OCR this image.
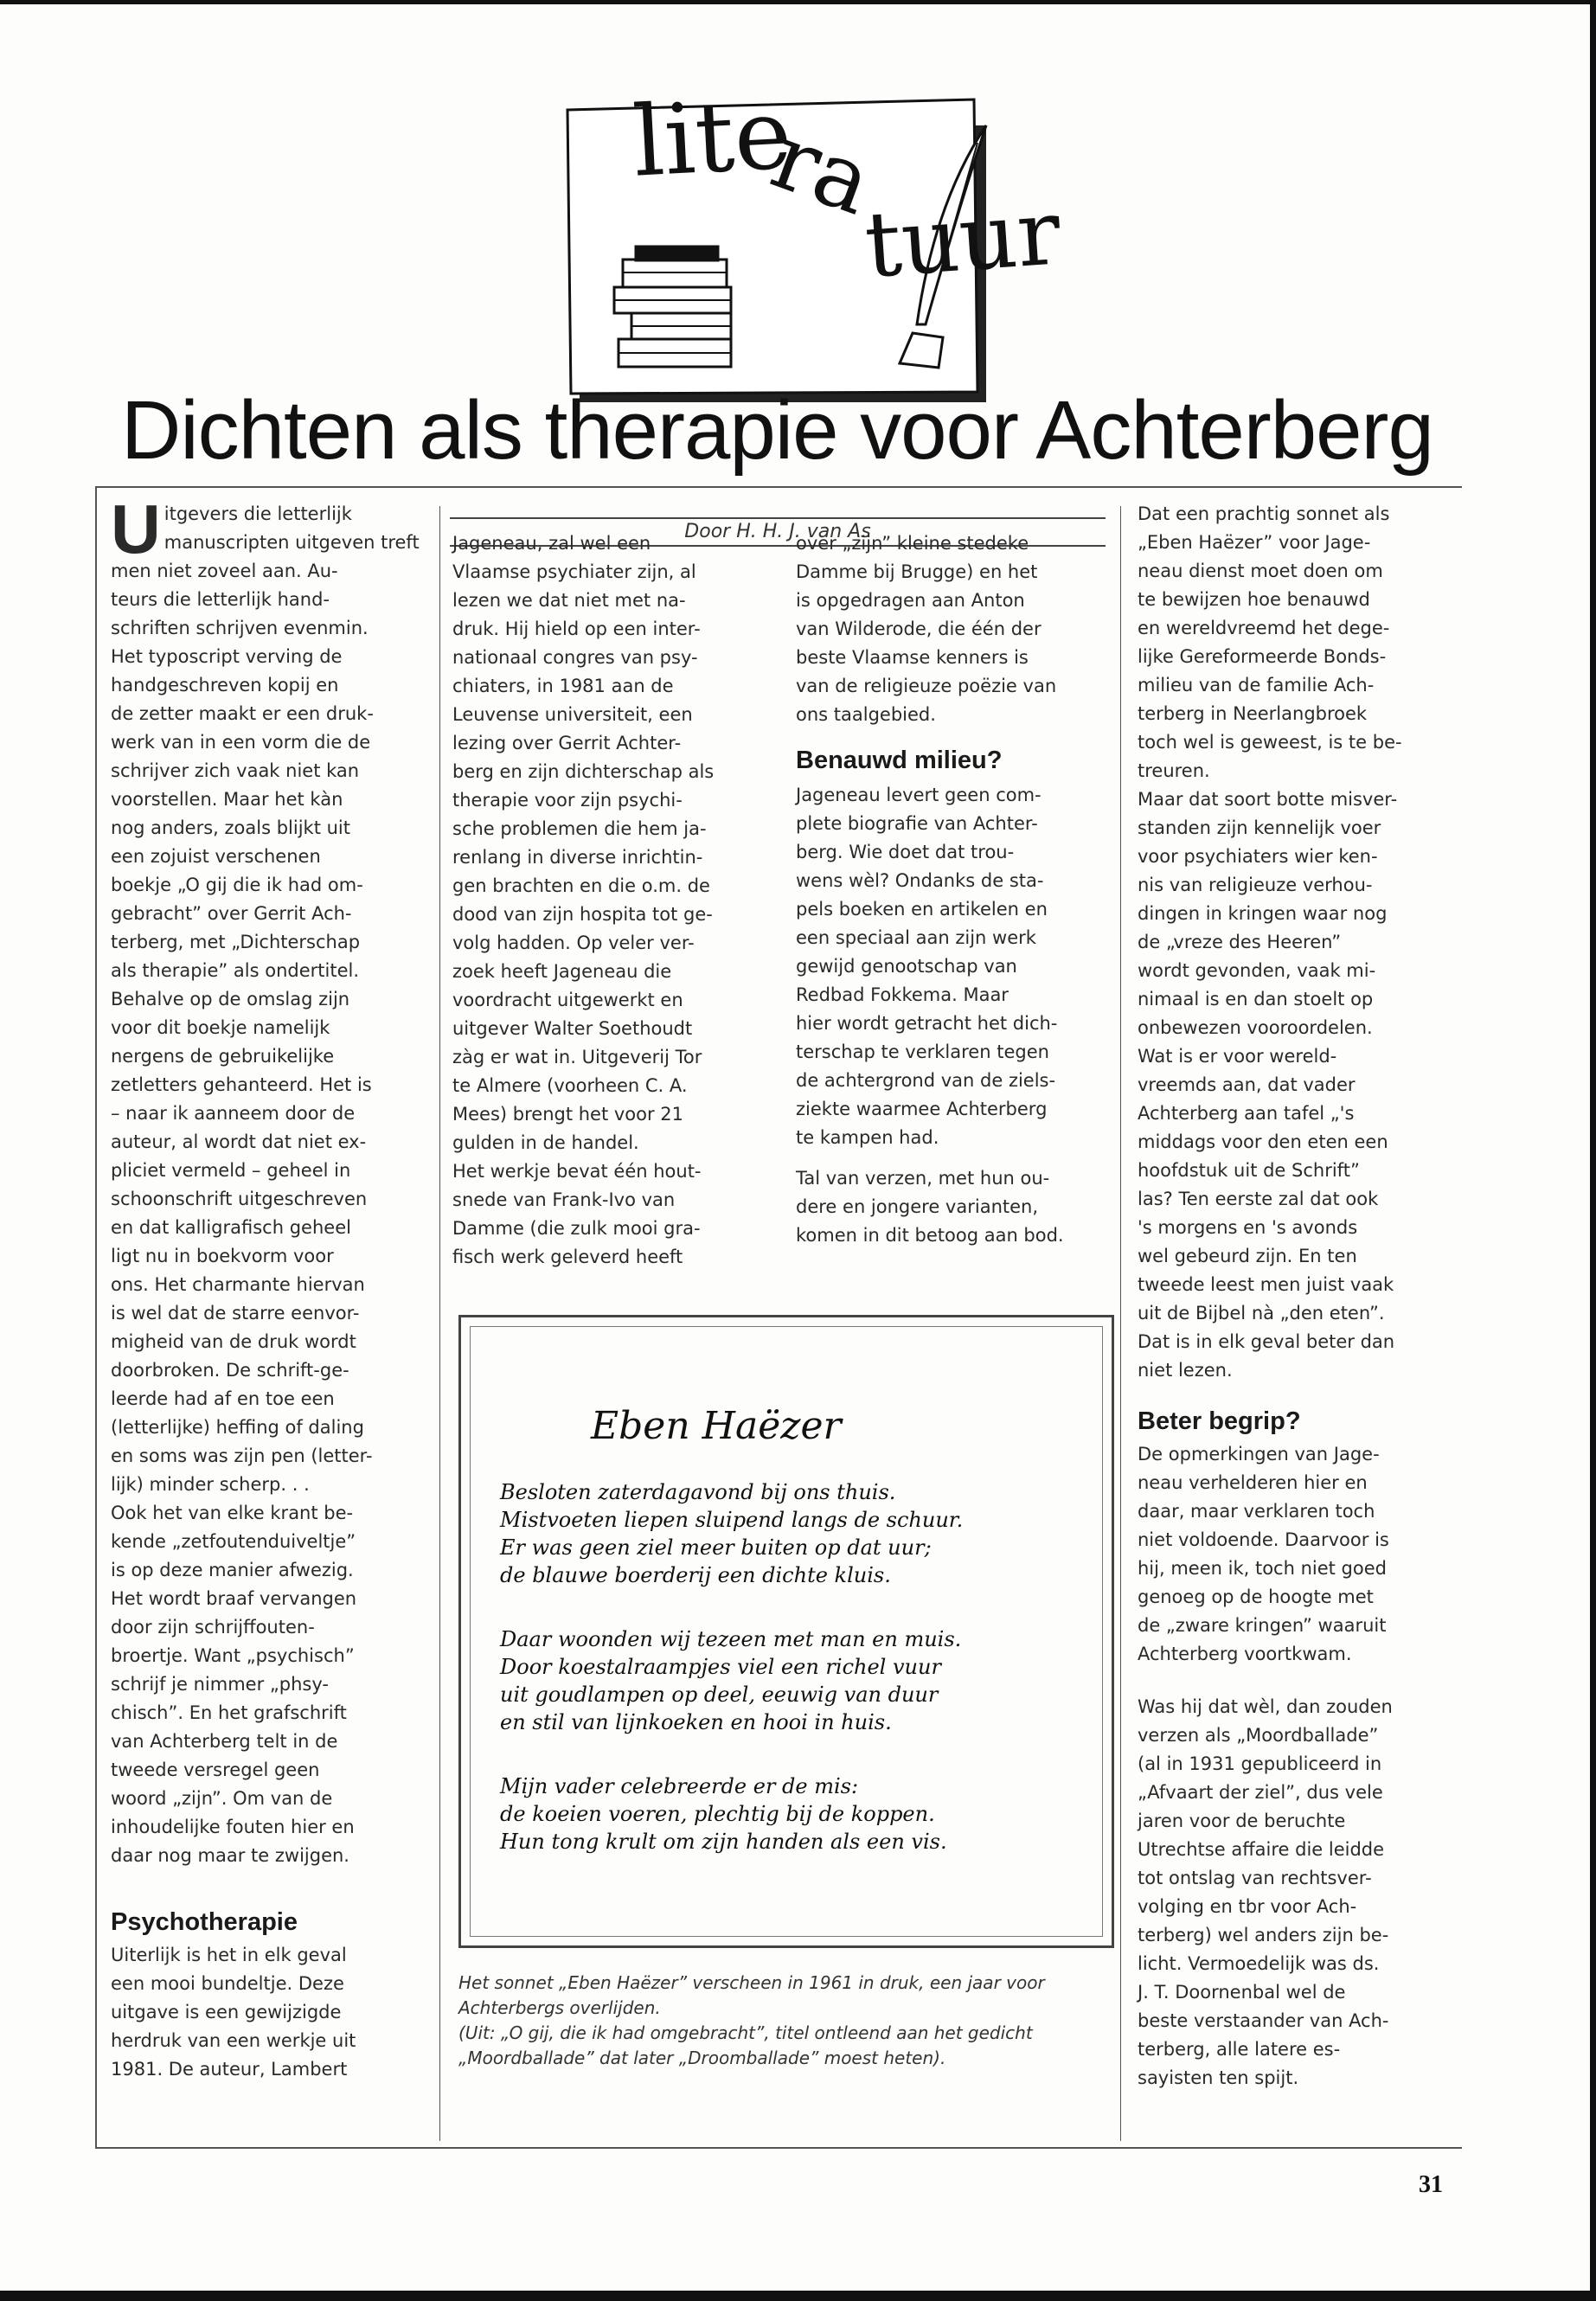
lite
ra
tuur
Dichten als therapie voor Achterberg
Door H. H. J. van As
U itgevers die letterlijk
manuscripten uitgeven treft
men niet zoveel aan. Au-
teurs die letterlijk hand-
schriften schrijven evenmin.
Het typoscript verving de
handgeschreven kopij en
de zetter maakt er een druk-
werk van in een vorm die de
schrijver zich vaak niet kan
voorstellen. Maar het kàn
nog anders, zoals blijkt uit
een zojuist verschenen
boekje „O gij die ik had om-
gebracht” over Gerrit Ach-
terberg, met „Dichterschap
als therapie” als ondertitel.
Behalve op de omslag zijn
voor dit boekje namelijk
nergens de gebruikelijke
zetletters gehanteerd. Het is
– naar ik aanneem door de
auteur, al wordt dat niet ex-
pliciet vermeld – geheel in
schoonschrift uitgeschreven
en dat kalligrafisch geheel
ligt nu in boekvorm voor
ons. Het charmante hiervan
is wel dat de starre eenvor-
migheid van de druk wordt
doorbroken. De schrift-ge-
leerde had af en toe een
(letterlijke) heffing of daling
en soms was zijn pen (letter-
lijk) minder scherp. . .
Ook het van elke krant be-
kende „zetfoutenduiveltje”
is op deze manier afwezig.
Het wordt braaf vervangen
door zijn schrijffouten-
broertje. Want „psychisch”
schrijf je nimmer „phsy-
chisch”. En het grafschrift
van Achterberg telt in de
tweede versregel geen
woord „zijn”. Om van de
inhoudelijke fouten hier en
daar nog maar te zwijgen.

Psychotherapie

Uiterlijk is het in elk geval
een mooi bundeltje. Deze
uitgave is een gewijzigde
herdruk van een werkje uit
1981. De auteur, Lambert

Jageneau, zal wel een
Vlaamse psychiater zijn, al
lezen we dat niet met na-
druk. Hij hield op een inter-
nationaal congres van psy-
chiaters, in 1981 aan de
Leuvense universiteit, een
lezing over Gerrit Achter-
berg en zijn dichterschap als
therapie voor zijn psychi-
sche problemen die hem ja-
renlang in diverse inrichtin-
gen brachten en die o.m. de
dood van zijn hospita tot ge-
volg hadden. Op veler ver-
zoek heeft Jageneau die
voordracht uitgewerkt en
uitgever Walter Soethoudt
zàg er wat in. Uitgeverij Tor
te Almere (voorheen C. A.
Mees) brengt het voor 21
gulden in de handel.
Het werkje bevat één hout-
snede van Frank-Ivo van
Damme (die zulk mooi gra-
fisch werk geleverd heeft

over „zijn” kleine stedeke
Damme bij Brugge) en het
is opgedragen aan Anton
van Wilderode, die één der
beste Vlaamse kenners is
van de religieuze poëzie van
ons taalgebied.

Benauwd milieu?

Jageneau levert geen com-
plete biografie van Achter-
berg. Wie doet dat trou-
wens wèl? Ondanks de sta-
pels boeken en artikelen en
een speciaal aan zijn werk
gewijd genootschap van
Redbad Fokkema. Maar
hier wordt getracht het dich-
terschap te verklaren tegen
de achtergrond van de ziels-
ziekte waarmee Achterberg
te kampen had.

Tal van verzen, met hun ou-
dere en jongere varianten,
komen in dit betoog aan bod.

Dat een prachtig sonnet als
„Eben Haëzer” voor Jage-
neau dienst moet doen om
te bewijzen hoe benauwd
en wereldvreemd het dege-
lijke Gereformeerde Bonds-
milieu van de familie Ach-
terberg in Neerlangbroek
toch wel is geweest, is te be-
treuren.
Maar dat soort botte misver-
standen zijn kennelijk voer
voor psychiaters wier ken-
nis van religieuze verhou-
dingen in kringen waar nog
de „vreze des Heeren”
wordt gevonden, vaak mi-
nimaal is en dan stoelt op
onbewezen vooroordelen.
Wat is er voor wereld-
vreemds aan, dat vader
Achterberg aan tafel „'s
middags voor den eten een
hoofdstuk uit de Schrift”
las? Ten eerste zal dat ook
's morgens en 's avonds
wel gebeurd zijn. En ten
tweede leest men juist vaak
uit de Bijbel nà „den eten”.
Dat is in elk geval beter dan
niet lezen.

Beter begrip?

De opmerkingen van Jage-
neau verhelderen hier en
daar, maar verklaren toch
niet voldoende. Daarvoor is
hij, meen ik, toch niet goed
genoeg op de hoogte met
de „zware kringen” waaruit
Achterberg voortkwam.

Was hij dat wèl, dan zouden
verzen als „Moordballade”
(al in 1931 gepubliceerd in
„Afvaart der ziel”, dus vele
jaren voor de beruchte
Utrechtse affaire die leidde
tot ontslag van rechtsver-
volging en tbr voor Ach-
terberg) wel anders zijn be-
licht. Vermoedelijk was ds.
J. T. Doornenbal wel de
beste verstaander van Ach-
terberg, alle latere es-
sayisten ten spijt.

Eben Haëzer

Besloten zaterdagavond bij ons thuis.

Mistvoeten liepen sluipend langs de schuur.

Er was geen ziel meer buiten op dat uur;

de blauwe boerderij een dichte kluis.

Daar woonden wij tezeen met man en muis.

Door koestalraampjes viel een richel vuur

uit goudlampen op deel, eeuwig van duur

en stil van lijnkoeken en hooi in huis.

Mijn vader celebreerde er de mis:

de koeien voeren, plechtig bij de koppen.

Hun tong krult om zijn handen als een vis.

Het sonnet „Eben Haëzer” verscheen in 1961 in druk, een jaar voor Achterbergs overlijden.

(Uit: „O gij, die ik had omgebracht”, titel ontleend aan het gedicht „Moordballade” dat later „Droomballade” moest heten).

31
